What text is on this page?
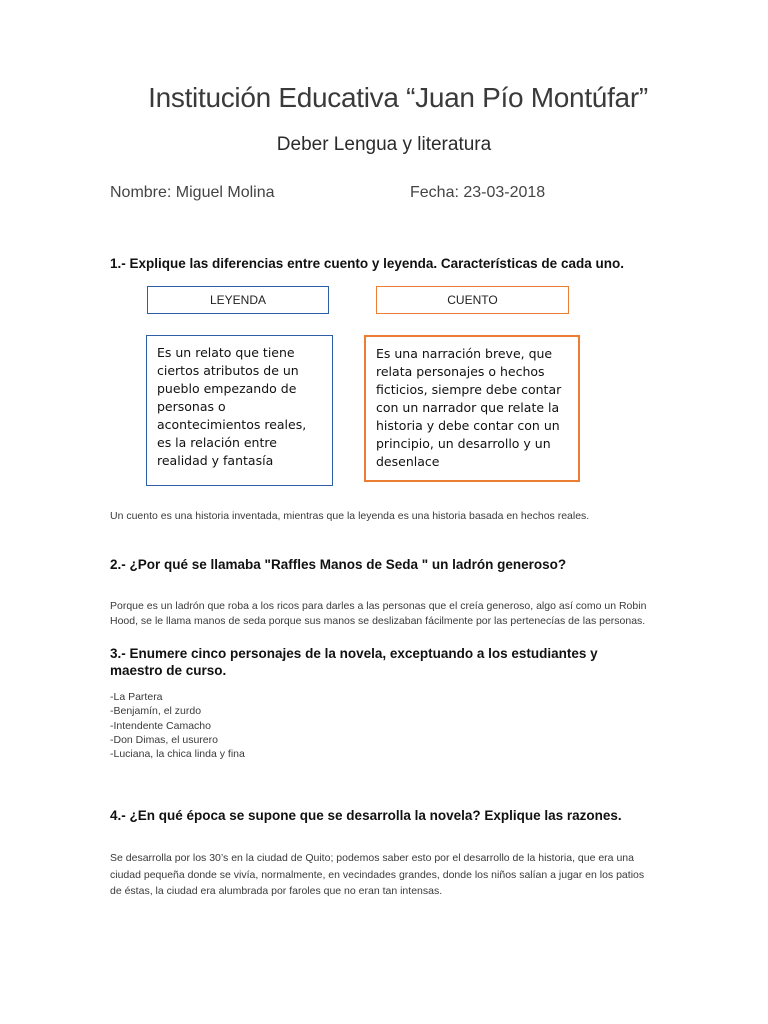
Institución Educativa “Juan Pío Montúfar”
Deber Lengua y literatura
Nombre: Miguel Molina	Fecha: 23-03-2018
1.- Explique las diferencias entre cuento y leyenda. Características de cada uno.
LEYENDA	CUENTO
Es un relato que tiene ciertos atributos de un pueblo empezando de personas o acontecimientos reales, es la relación entre realidad y fantasía
Es una narración breve, que relata personajes o hechos ficticios, siempre debe contar con un narrador que relate la historia y debe contar con un principio, un desarrollo y un desenlace
Un cuento es una historia inventada, mientras que la leyenda es una historia basada en hechos reales.
2.- ¿Por qué se llamaba "Raffles Manos de Seda " un ladrón generoso?
Porque es un ladrón que roba a los ricos para darles a las personas que el creía generoso, algo así como un Robin Hood, se le llama manos de seda porque sus manos se deslizaban fácilmente por las pertenecías de las personas.
3.- Enumere cinco personajes de la novela, exceptuando a los estudiantes y maestro de curso.
-La Partera
-Benjamín, el zurdo
-Intendente Camacho
-Don Dimas, el usurero
-Luciana, la chica linda y fina
4.- ¿En qué época se supone que se desarrolla la novela? Explique las razones.
Se desarrolla por los 30’s en la ciudad de Quito; podemos saber esto por el desarrollo de la historia, que era una ciudad pequeña donde se vivía, normalmente, en vecindades grandes, donde los niños salían a jugar en los patios de éstas, la ciudad era alumbrada por faroles que no eran tan intensas.
